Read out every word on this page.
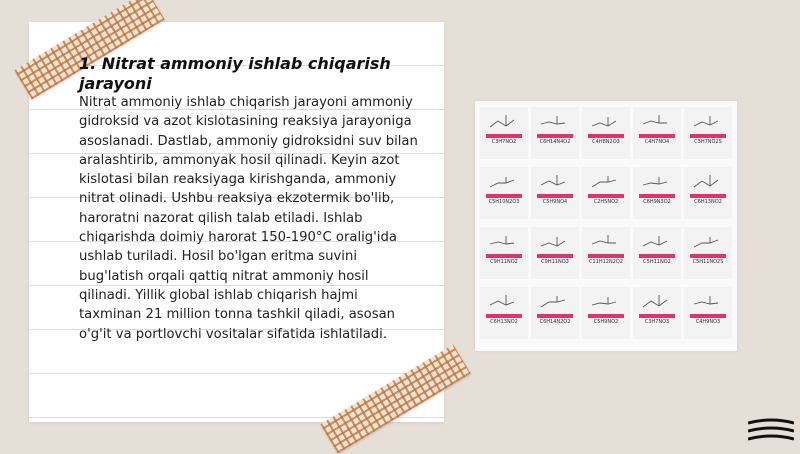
1. Nitrat ammoniy ishlab chiqarish jarayoni

Nitrat ammoniy ishlab chiqarish jarayoni ammoniy gidroksid va azot kislotasining reaksiya jarayoniga asoslanadi. Dastlab, ammoniy gidroksidni suv bilan aralashtirib, ammonyak hosil qilinadi. Keyin azot kislotasi bilan reaksiyaga kirishganda, ammoniy nitrat olinadi. Ushbu reaksiya ekzotermik bo'lib, haroratni nazorat qilish talab etiladi. Ishlab chiqarishda doimiy harorat 150-190°C oralig'ida ushlab turiladi. Hosil bo'lgan eritma suvini bug'latish orqali qattiq nitrat ammoniy hosil qilinadi. Yillik global ishlab chiqarish hajmi taxminan 21 million tonna tashkil qiladi, asosan o'g'it va portlovchi vositalar sifatida ishlatiladi.

C3H7NO2	C6H14N4O2	C4H8N2O3	C4H7NO4	C3H7NO2S
C5H10N2O3	C5H9NO4	C2H5NO2	C6H9N3O2	C6H13NO2
C9H11NO2	C9H11NO3	C11H12N2O2	C5H11NO2	C5H11NO2S
C6H13NO2	C6H14N2O2	C5H9NO2	C3H7NO3	C4H9NO3
